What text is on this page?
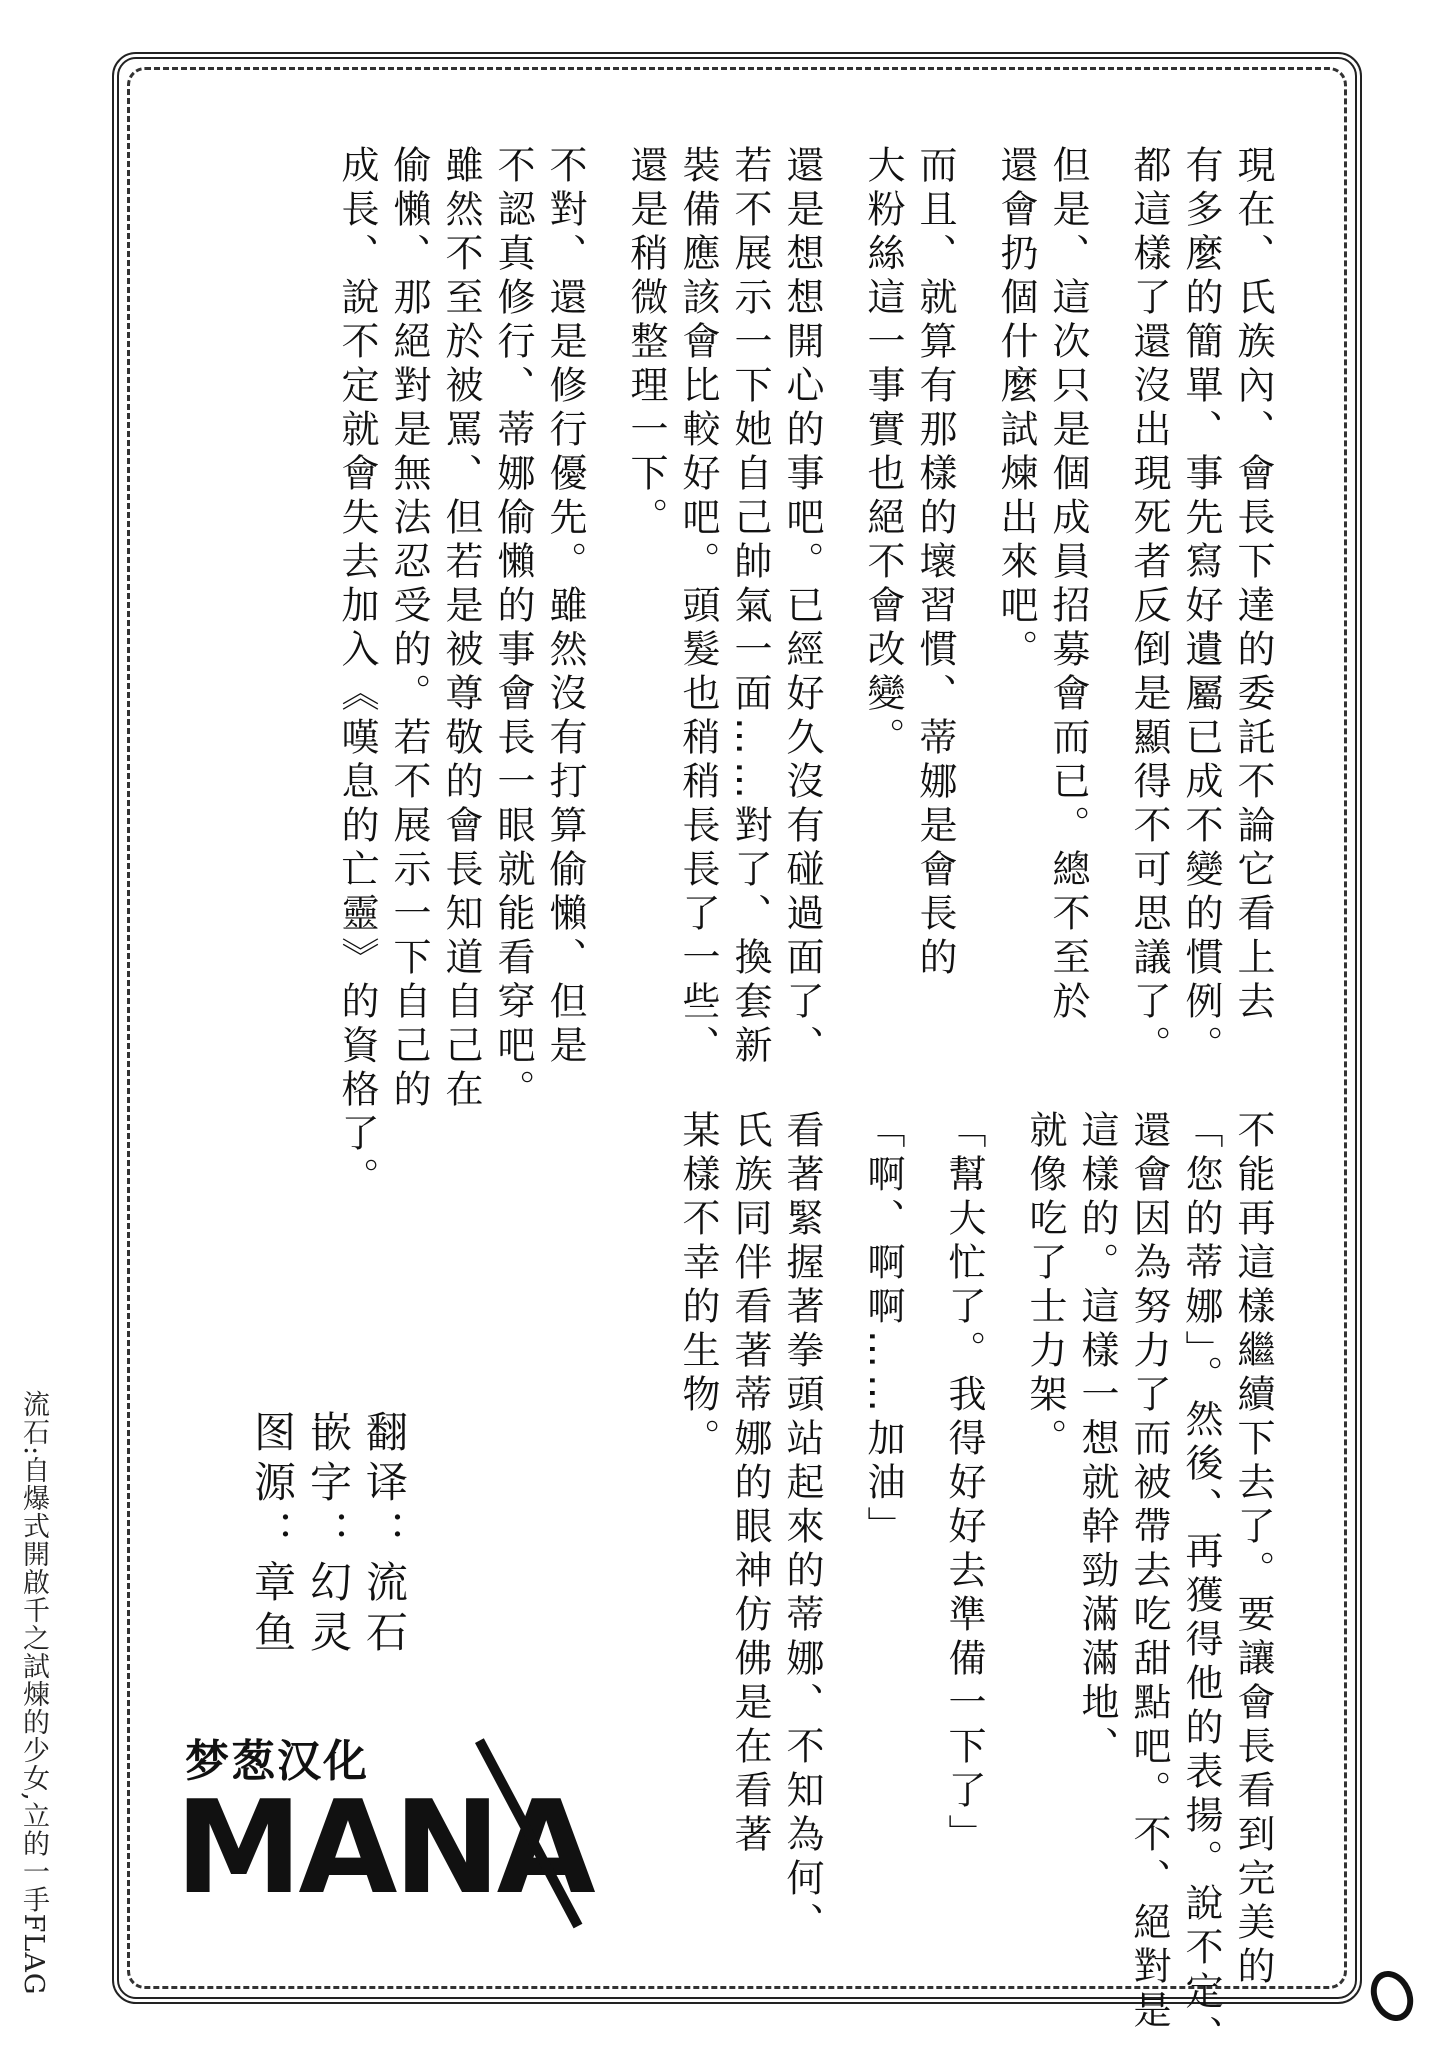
現在、氏族內、會長下達的委託不論它看上去

有多麼的簡單、事先寫好遺屬已成不變的慣例。

都這樣了還沒出現死者反倒是顯得不可思議了。

但是、這次只是個成員招募會而已。總不至於

還會扔個什麼試煉出來吧。

而且、就算有那樣的壞習慣、蒂娜是會長的

大粉絲這一事實也絕不會改變。

還是想想開心的事吧。已經好久沒有碰過面了、

若不展示一下她自己帥氣一面……對了、換套新

裝備應該會比較好吧。頭髮也稍稍長長了一些、

還是稍微整理一下。

不對、還是修行優先。雖然沒有打算偷懶、但是

不認真修行、蒂娜偷懶的事會長一眼就能看穿吧。

雖然不至於被罵、但若是被尊敬的會長知道自己在

偷懶、那絕對是無法忍受的。若不展示一下自己的

成長、說不定就會失去加入《嘆息的亡靈》的資格了。

不能再這樣繼續下去了。要讓會長看到完美的

「您的蒂娜」。然後、再獲得他的表揚。說不定、

還會因為努力了而被帶去吃甜點吧。不、絕對是

這樣的。這樣一想就幹勁滿滿地、

就像吃了士力架。

「幫大忙了。我得好好去準備一下了」

「啊、啊啊……加油」

看著緊握著拳頭站起來的蒂娜、不知為何、

氏族同伴看著蒂娜的眼神仿佛是在看著

某樣不幸的生物。

翻译：流石

嵌字：幻灵

图源：章鱼

流石:自爆式開啟千之試煉的少女,立的一手FLAG	梦葱汉化
MANA
